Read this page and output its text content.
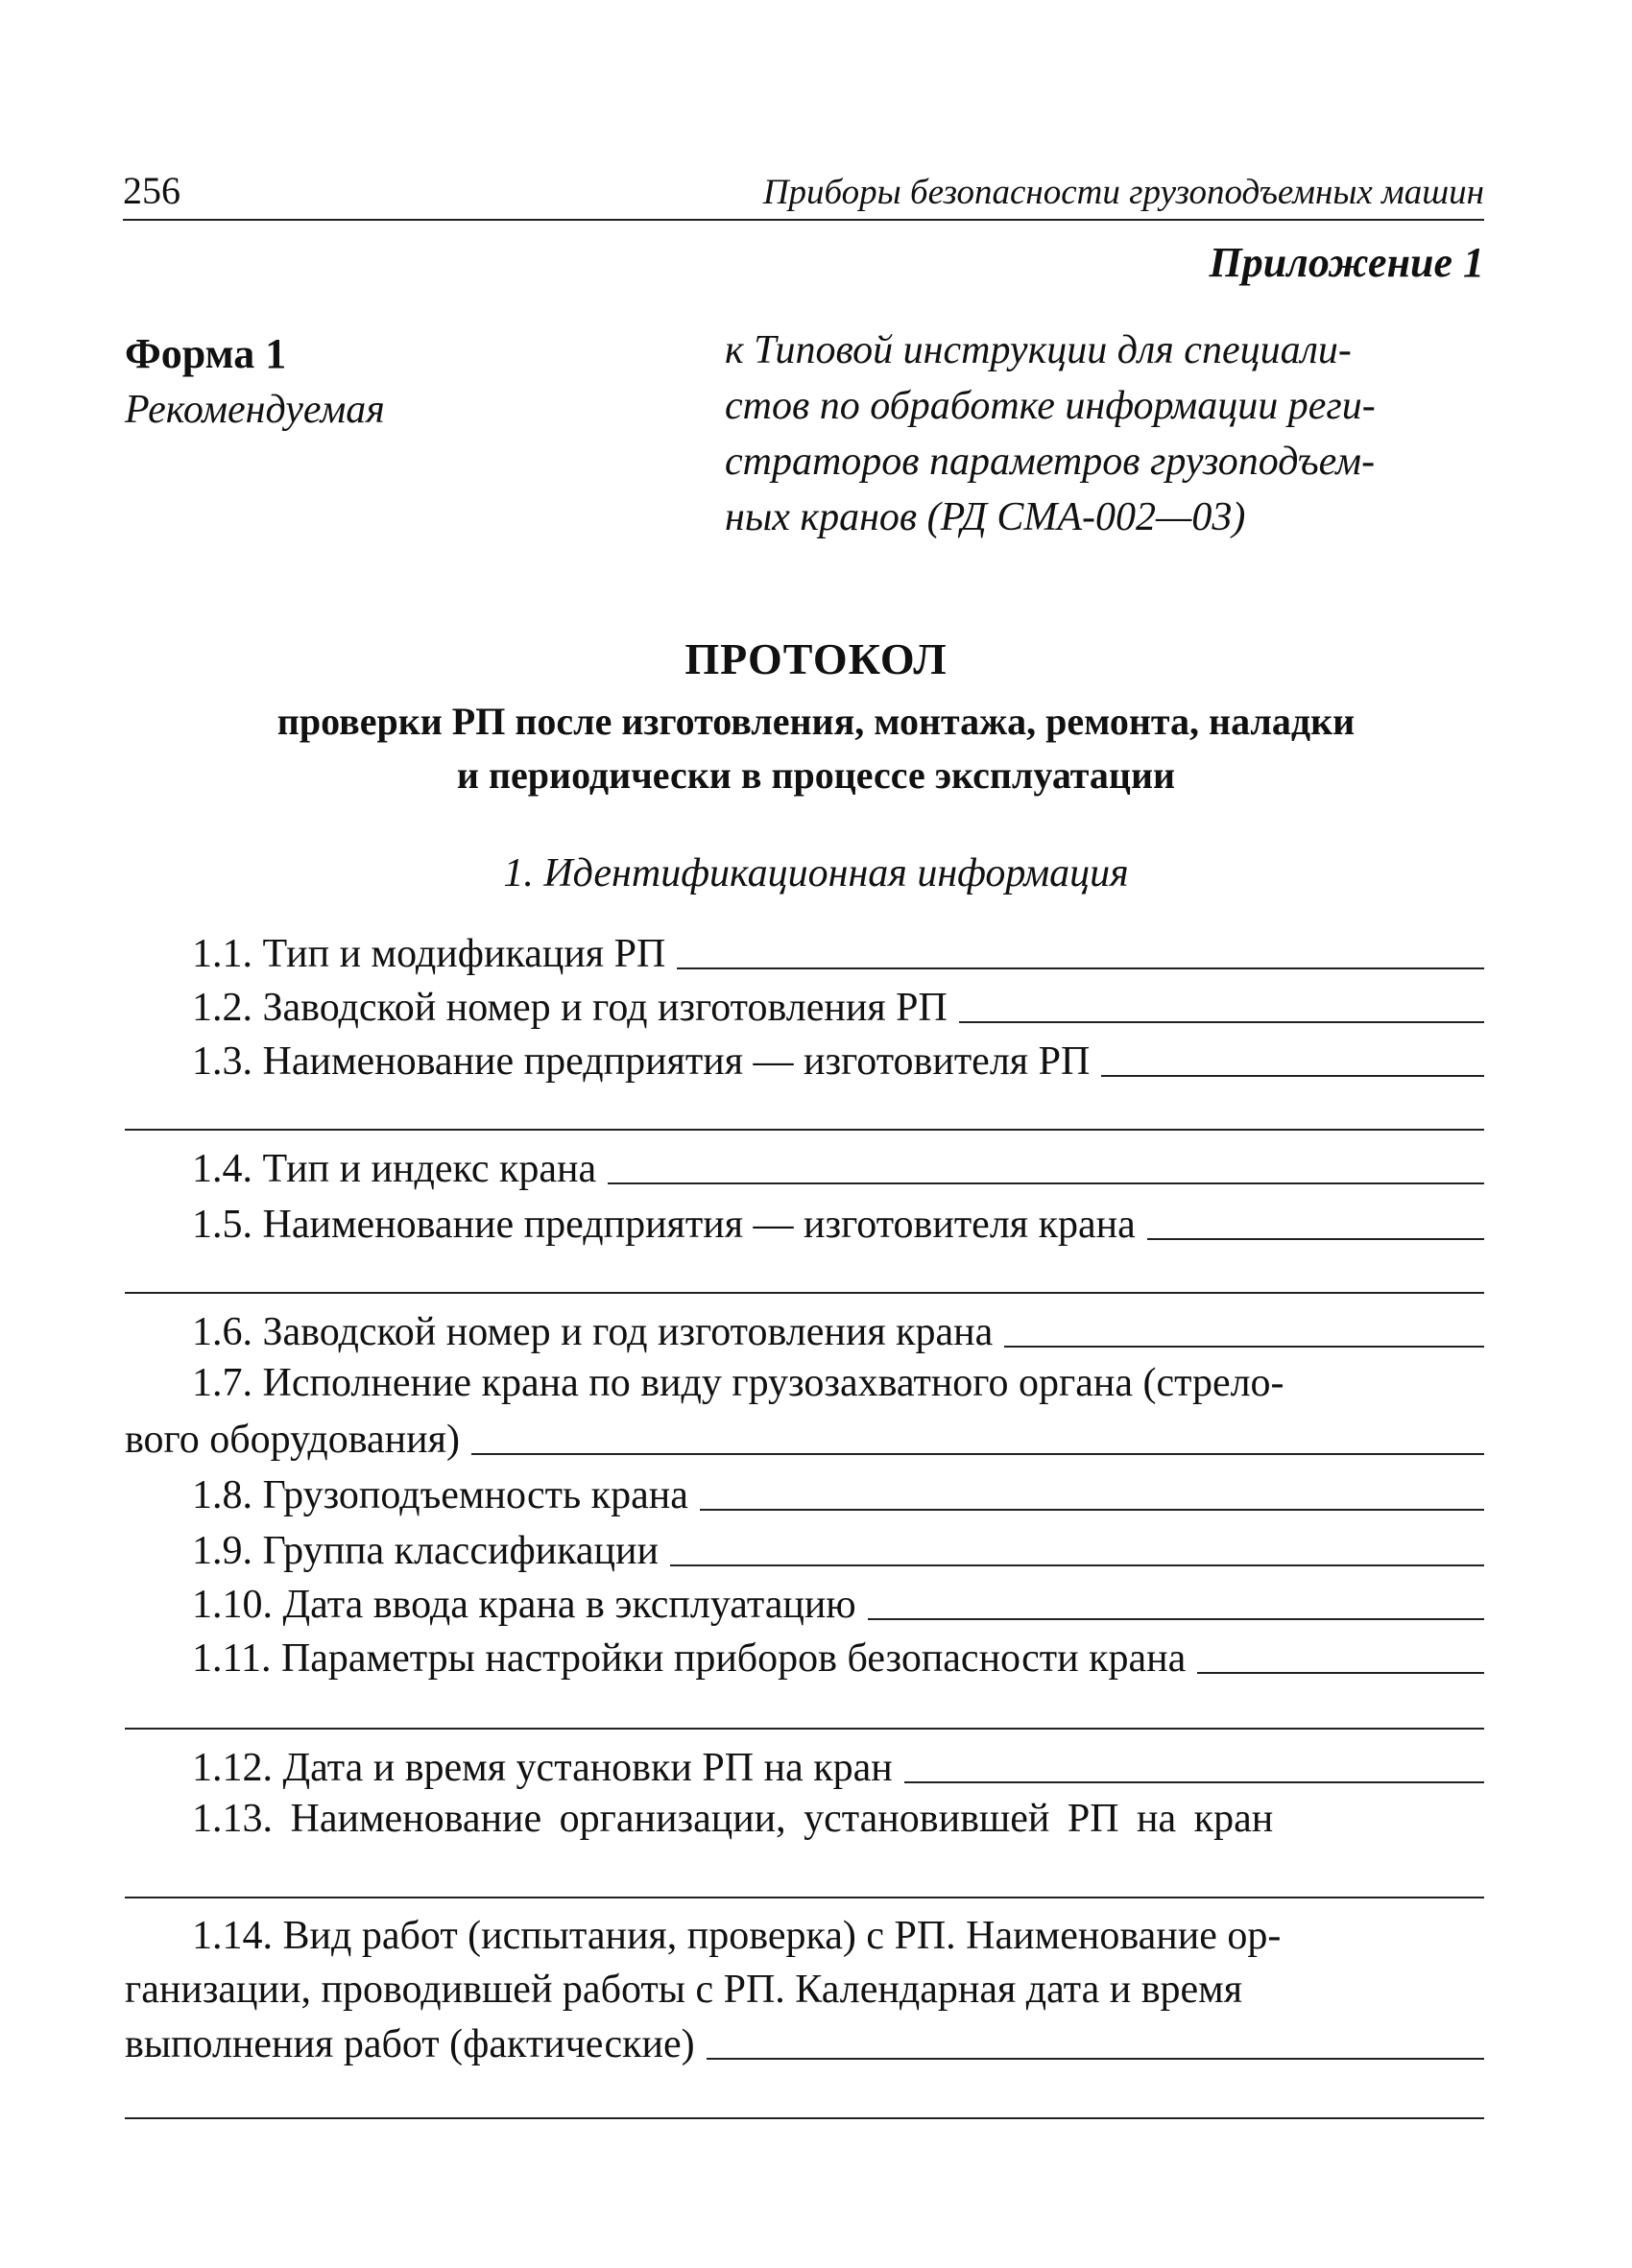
256	Приборы безопасности грузоподъемных машин
Приложение 1
Форма 1
Рекомендуемая
к Типовой инструкции для специали-
стов по обработке информации реги-
страторов параметров грузоподъем-
ных кранов (РД СМА-002—03)
ПРОТОКОЛ
проверки РП после изготовления, монтажа, ремонта, наладки
и периодически в процессе эксплуатации
1. Идентификационная информация
1.1. Тип и модификация РП
1.2. Заводской номер и год изготовления РП
1.3. Наименование предприятия — изготовителя РП
1.4. Тип и индекс крана
1.5. Наименование предприятия — изготовителя крана
1.6. Заводской номер и год изготовления крана
1.7. Исполнение крана по виду грузозахватного органа (стрело-
вого оборудования)
1.8. Грузоподъемность крана
1.9. Группа классификации
1.10. Дата ввода крана в эксплуатацию
1.11. Параметры настройки приборов безопасности крана
1.12. Дата и время установки РП на кран
1.13. Наименование организации, установившей РП на кран
1.14. Вид работ (испытания, проверка) с РП. Наименование ор-
ганизации, проводившей работы с РП. Календарная дата и время
выполнения работ (фактические)
